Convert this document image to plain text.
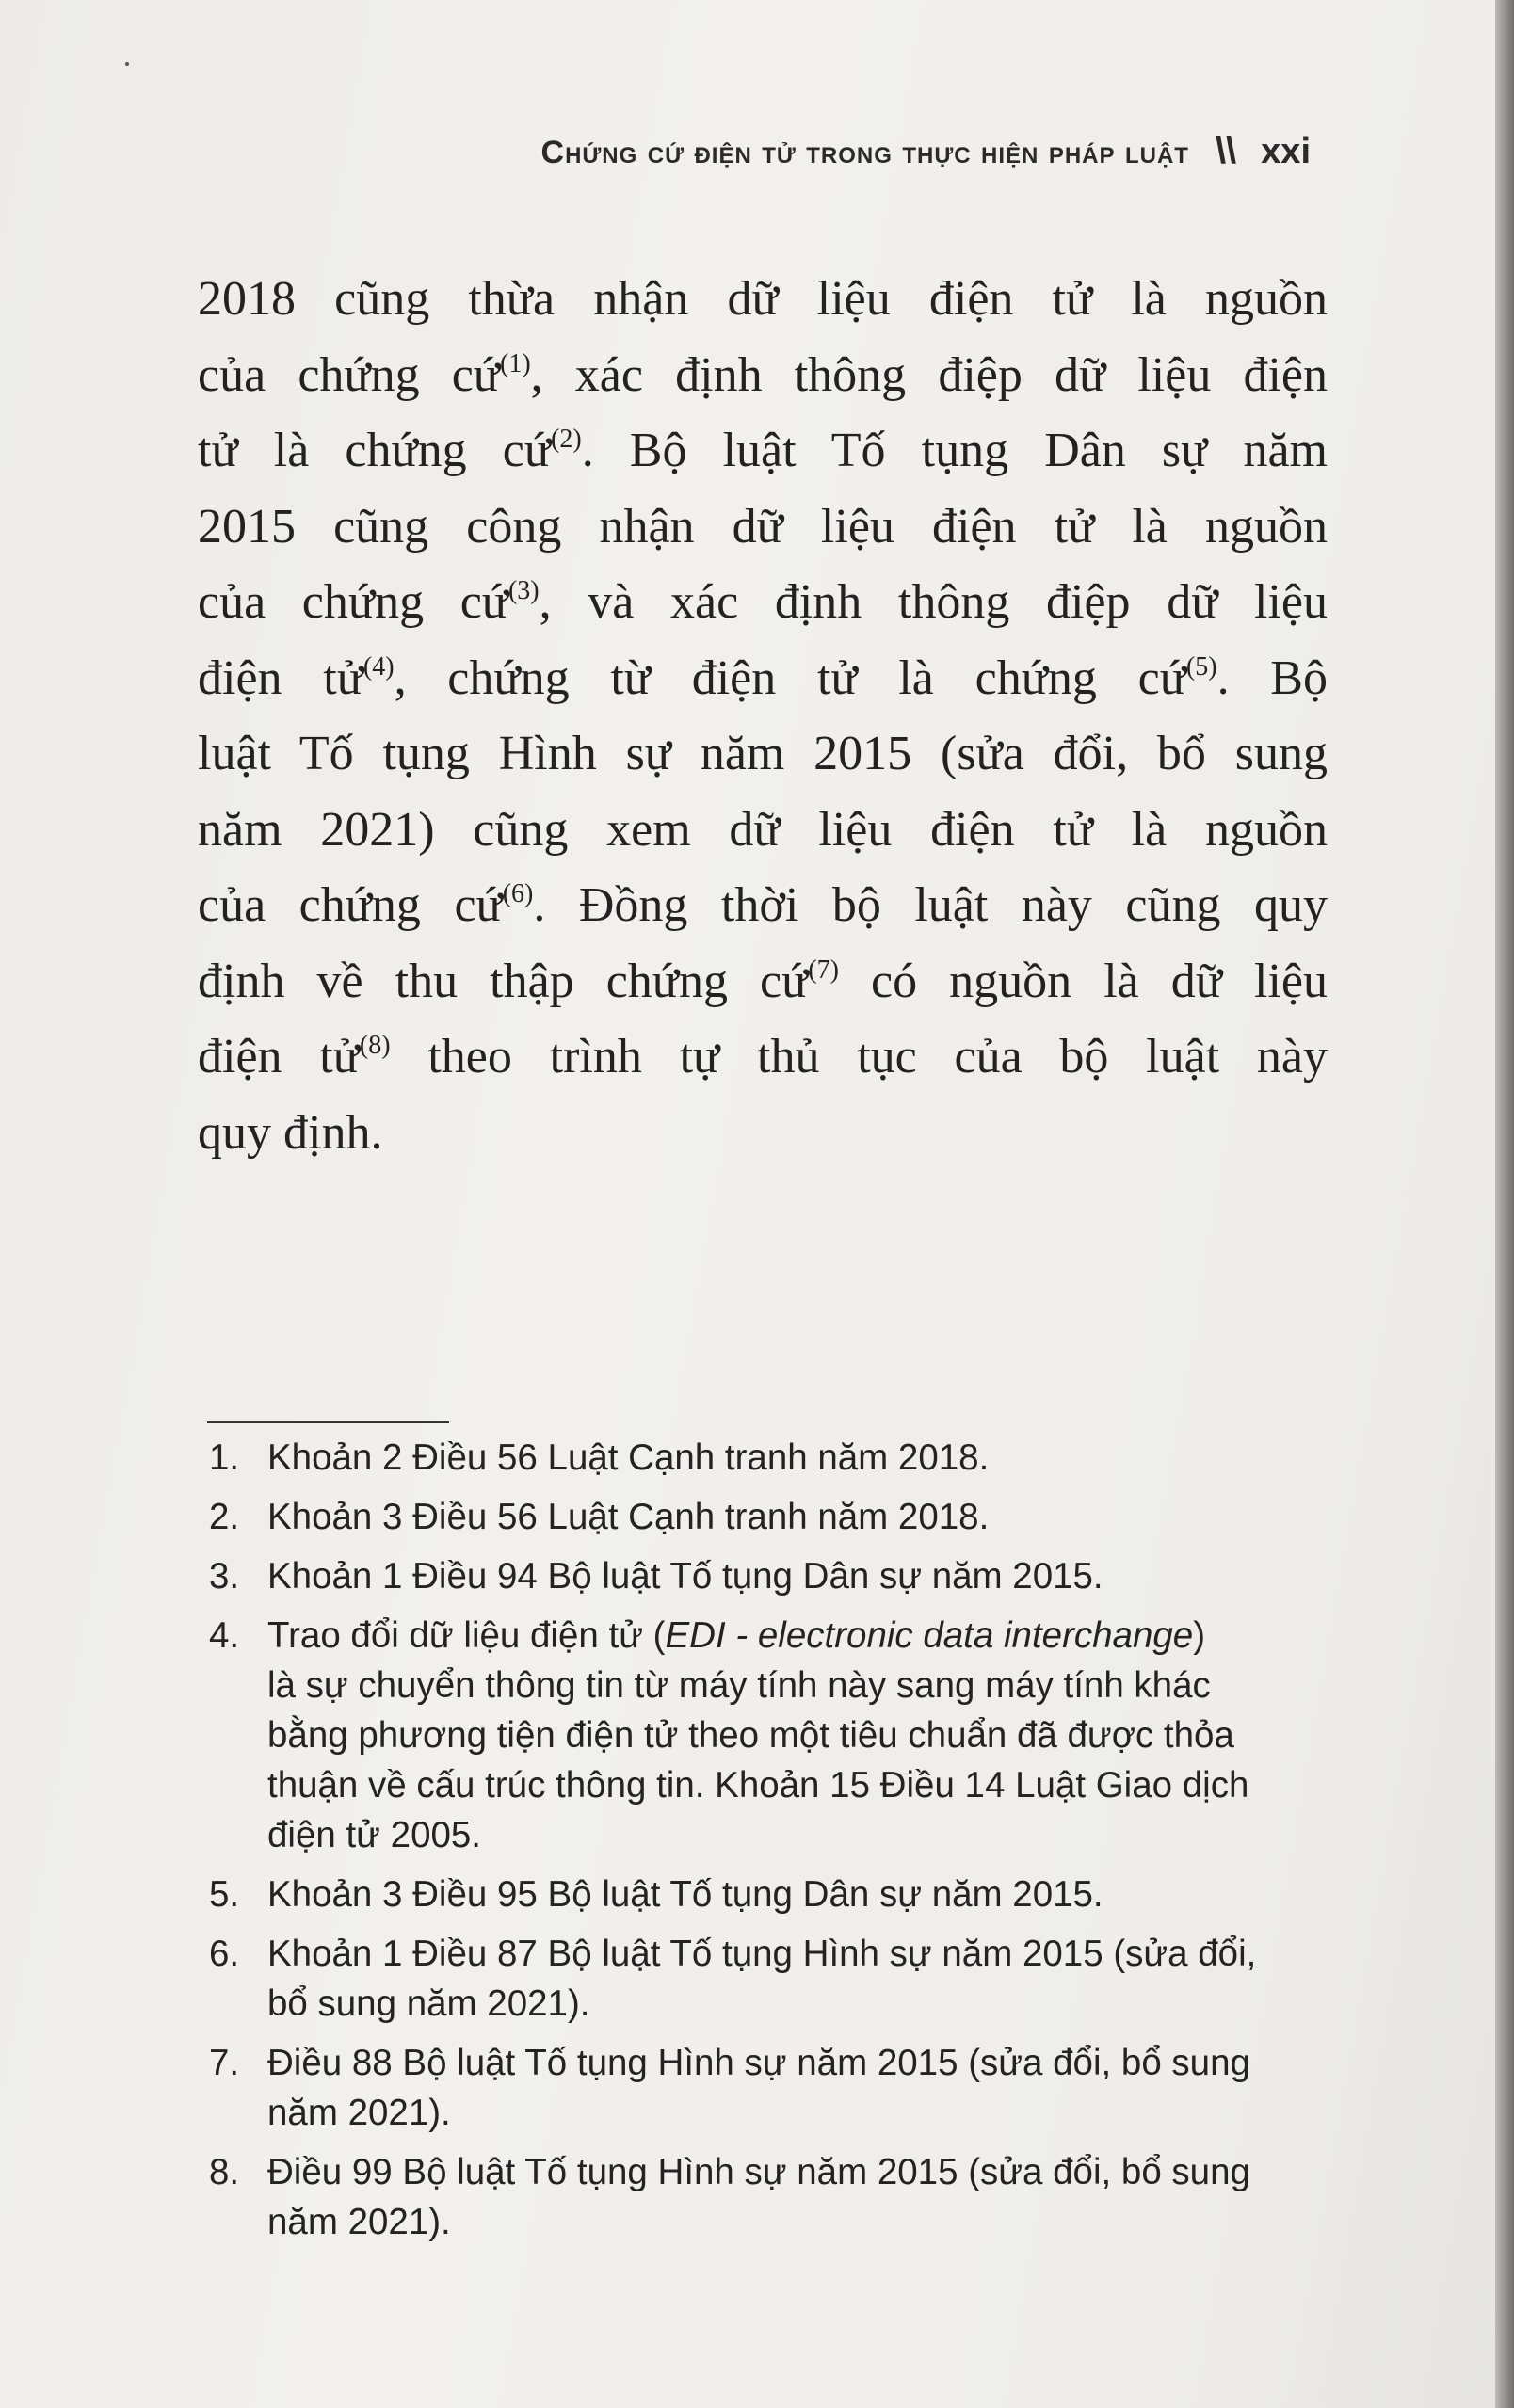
Chứng cứ điện tử trong thực hiện pháp luật \\ xxi
2018 cũng thừa nhận dữ liệu điện tử là nguồn
của chứng cứ$^{(1)}$, xác định thông điệp dữ liệu điện
tử là chứng cứ$^{(2)}$. Bộ luật Tố tụng Dân sự năm
2015 cũng công nhận dữ liệu điện tử là nguồn
của chứng cứ$^{(3)}$, và xác định thông điệp dữ liệu
điện tử$^{(4)}$, chứng từ điện tử là chứng cứ$^{(5)}$. Bộ
luật Tố tụng Hình sự năm 2015 (sửa đổi, bổ sung
năm 2021) cũng xem dữ liệu điện tử là nguồn
của chứng cứ$^{(6)}$. Đồng thời bộ luật này cũng quy
định về thu thập chứng cứ$^{(7)}$ có nguồn là dữ liệu
điện tử$^{(8)}$ theo trình tự thủ tục của bộ luật này
quy định.
1. Khoản 2 Điều 56 Luật Cạnh tranh năm 2018.
2. Khoản 3 Điều 56 Luật Cạnh tranh năm 2018.
3. Khoản 1 Điều 94 Bộ luật Tố tụng Dân sự năm 2015.
4. Trao đổi dữ liệu điện tử (EDI - electronic data interchange)
là sự chuyển thông tin từ máy tính này sang máy tính khác
bằng phương tiện điện tử theo một tiêu chuẩn đã được thỏa
thuận về cấu trúc thông tin. Khoản 15 Điều 14 Luật Giao dịch
điện tử 2005.
5. Khoản 3 Điều 95 Bộ luật Tố tụng Dân sự năm 2015.
6. Khoản 1 Điều 87 Bộ luật Tố tụng Hình sự năm 2015 (sửa đổi,
bổ sung năm 2021).
7. Điều 88 Bộ luật Tố tụng Hình sự năm 2015 (sửa đổi, bổ sung
năm 2021).
8. Điều 99 Bộ luật Tố tụng Hình sự năm 2015 (sửa đổi, bổ sung
năm 2021).
